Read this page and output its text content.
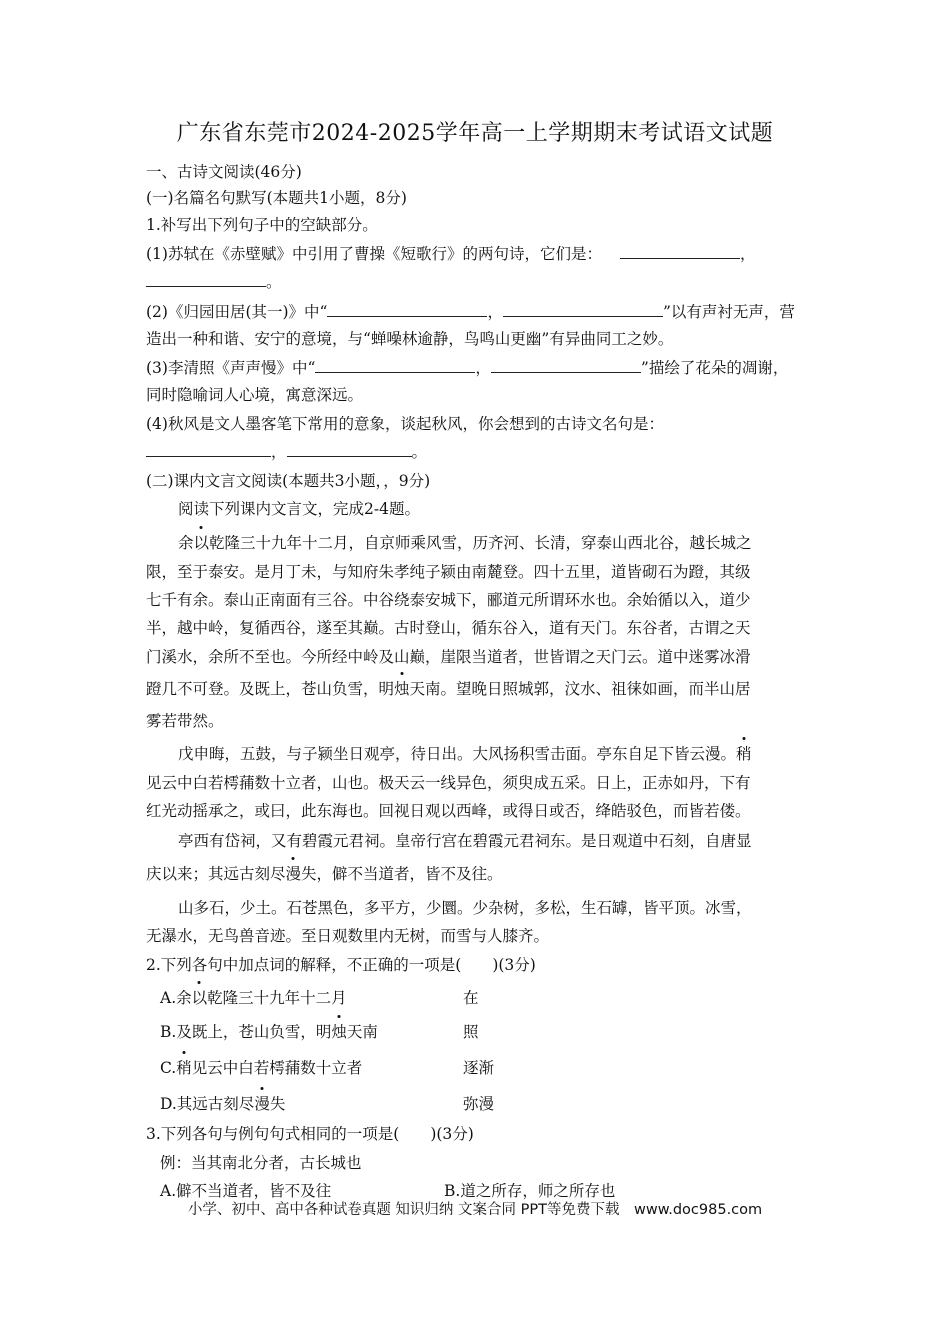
广东省东莞市2024-2025学年高一上学期期末考试语文试题
一、古诗文阅读(46分)
(一)名篇名句默写(本题共1小题，8分)
1.补写出下列句子中的空缺部分。
(1)苏轼在《赤壁赋》中引用了曹操《短歌行》的两句诗，它们是：	，
。
(2)《归园田居(其一)》中“	，	”以有声衬无声，营
造出一种和谐、安宁的意境，与“蝉噪林逾静，鸟鸣山更幽”有异曲同工之妙。
(3)李清照《声声慢》中“	，	”描绘了花朵的凋谢，
同时隐喻词人心境，寓意深远。
(4)秋风是文人墨客笔下常用的意象，谈起秋风，你会想到的古诗文名句是：
，	。
(二)课内文言文阅读(本题共3小题，，9分)
阅读下列课内文言文，完成2-4题。
余以乾隆三十九年十二月，自京师乘风雪，历齐河、长清，穿泰山西北谷，越长城之
限，至于泰安。是月丁未，与知府朱孝纯子颍由南麓登。四十五里，道皆砌石为蹬，其级
七千有余。泰山正南面有三谷。中谷绕泰安城下，郦道元所谓环水也。余始循以入，道少
半，越中岭，复循西谷，遂至其巅。古时登山，循东谷入，道有天门。东谷者，古谓之天
门溪水，余所不至也。今所经中岭及山巅，崖限当道者，世皆谓之天门云。道中迷雾冰滑
蹬几不可登。及既上，苍山负雪，明烛天南。望晚日照城郭，汶水、祖徕如画，而半山居
雾若带然。
戊申晦，五鼓，与子颍坐日观亭，待日出。大风扬积雪击面。亭东自足下皆云漫。稍
见云中白若樗蒱数十立者，山也。极天云一线异色，须臾成五采。日上，正赤如丹，下有
红光动摇承之，或曰，此东海也。回视日观以西峰，或得日或否，绛皓驳色，而皆若偻。
亭西有岱祠，又有碧霞元君祠。皇帝行宫在碧霞元君祠东。是日观道中石刻，自唐显
庆以来；其远古刻尽漫失，僻不当道者，皆不及往。
山多石，少土。石苍黑色，多平方，少圜。少杂树，多松，生石罅，皆平顶。冰雪，
无瀑水，无鸟兽音迹。至日观数里内无树，而雪与人膝齐。
2.下列各句中加点词的解释，不正确的一项是(　　)(3分)
A.余以乾隆三十九年十二月	在
B.及既上，苍山负雪，明烛天南	照
C.稍见云中白若樗蒱数十立者	逐渐
D.其远古刻尽漫失	弥漫
3.下列各句与例句句式相同的一项是(　　)(3分)
例：当其南北分者，古长城也
A.僻不当道者，皆不及往	B.道之所存，师之所存也
小学、初中、高中各种试卷真题 知识归纳 文案合同 PPT等免费下载　www.doc985.com
